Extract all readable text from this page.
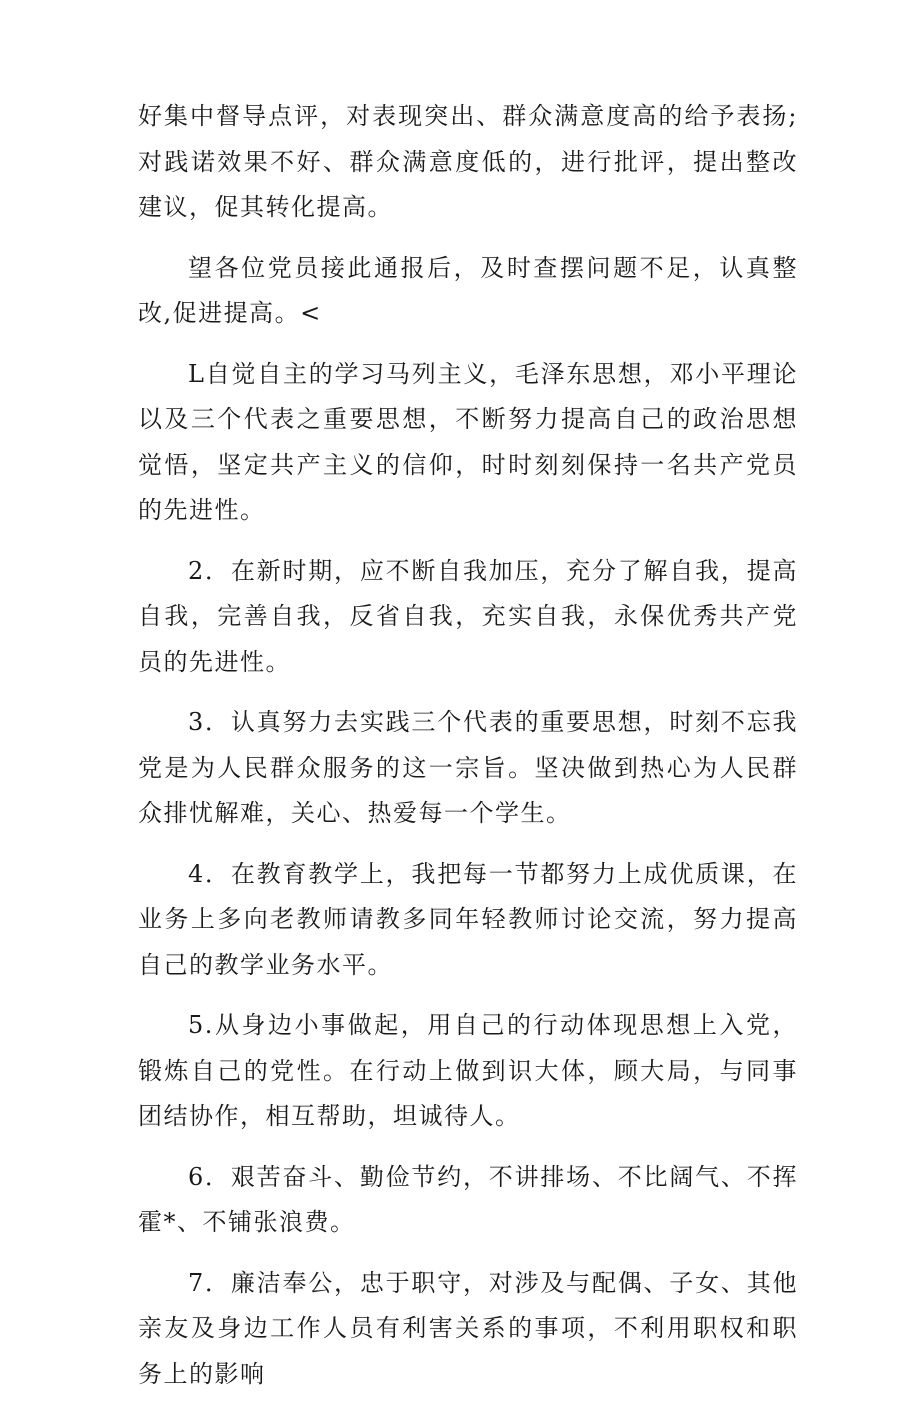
好集中督导点评，对表现突出、群众满意度高的给予表扬;对践诺效果不好、群众满意度低的，进行批评，提出整改建议，促其转化提高。

望各位党员接此通报后，及时查摆问题不足，认真整改,促进提高。<

L自觉自主的学习马列主义，毛泽东思想，邓小平理论以及三个代表之重要思想，不断努力提高自己的政治思想觉悟，坚定共产主义的信仰，时时刻刻保持一名共产党员的先进性。

2．在新时期，应不断自我加压，充分了解自我，提高自我，完善自我，反省自我，充实自我，永保优秀共产党员的先进性。

3．认真努力去实践三个代表的重要思想，时刻不忘我党是为人民群众服务的这一宗旨。坚决做到热心为人民群众排忧解难，关心、热爱每一个学生。

4．在教育教学上，我把每一节都努力上成优质课，在业务上多向老教师请教多同年轻教师讨论交流，努力提高自己的教学业务水平。

5.从身边小事做起，用自己的行动体现思想上入党，锻炼自己的党性。在行动上做到识大体，顾大局，与同事团结协作，相互帮助，坦诚待人。

6．艰苦奋斗、勤俭节约，不讲排场、不比阔气、不挥霍*、不铺张浪费。

7．廉洁奉公，忠于职守，对涉及与配偶、子女、其他亲友及身边工作人员有利害关系的事项，不利用职权和职务上的影响
